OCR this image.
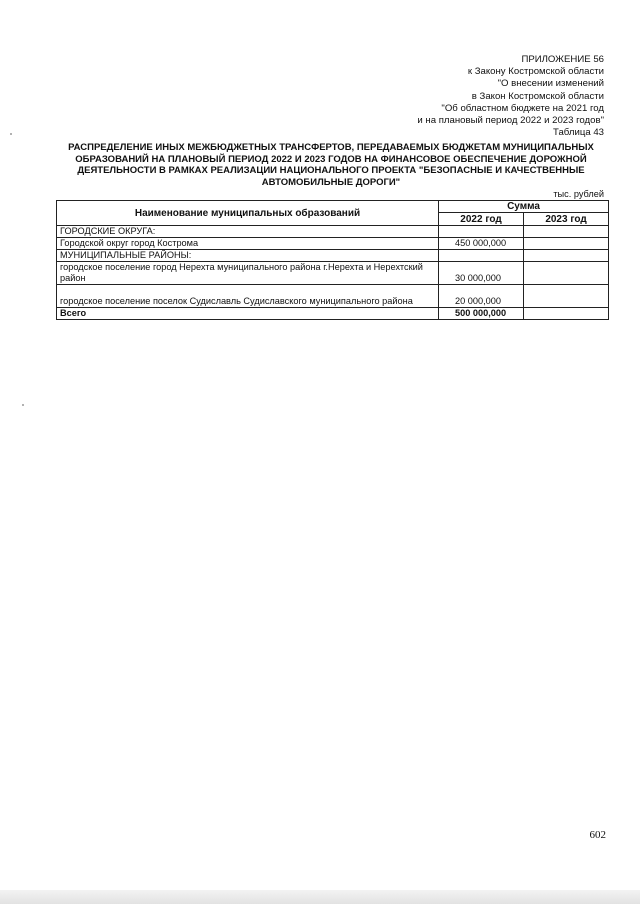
ПРИЛОЖЕНИЕ 56
к Закону Костромской области
"О внесении изменений
в Закон Костромской области
"Об областном бюджете на 2021 год
и на плановый период 2022 и 2023 годов"
Таблица 43
РАСПРЕДЕЛЕНИЕ ИНЫХ МЕЖБЮДЖЕТНЫХ ТРАНСФЕРТОВ, ПЕРЕДАВАЕМЫХ БЮДЖЕТАМ МУНИЦИПАЛЬНЫХ
ОБРАЗОВАНИЙ НА ПЛАНОВЫЙ ПЕРИОД 2022 И 2023 ГОДОВ НА ФИНАНСОВОЕ ОБЕСПЕЧЕНИЕ ДОРОЖНОЙ
ДЕЯТЕЛЬНОСТИ В РАМКАХ РЕАЛИЗАЦИИ НАЦИОНАЛЬНОГО ПРОЕКТА "БЕЗОПАСНЫЕ И КАЧЕСТВЕННЫЕ
АВТОМОБИЛЬНЫЕ ДОРОГИ"
тыс. рублей
Наименование муниципальных образований	Сумма	
	2022 год	2023 год
ГОРОДСКИЕ ОКРУГА:		
Городской округ город Кострома	450 000,000	
МУНИЦИПАЛЬНЫЕ РАЙОНЫ:		
городское поселение город Нерехта муниципального района г.Нерехта и Нерехтский район	30 000,000	
городское поселение поселок Судиславль Судиславского муниципального района	20 000,000	
Всего	500 000,000	
602
